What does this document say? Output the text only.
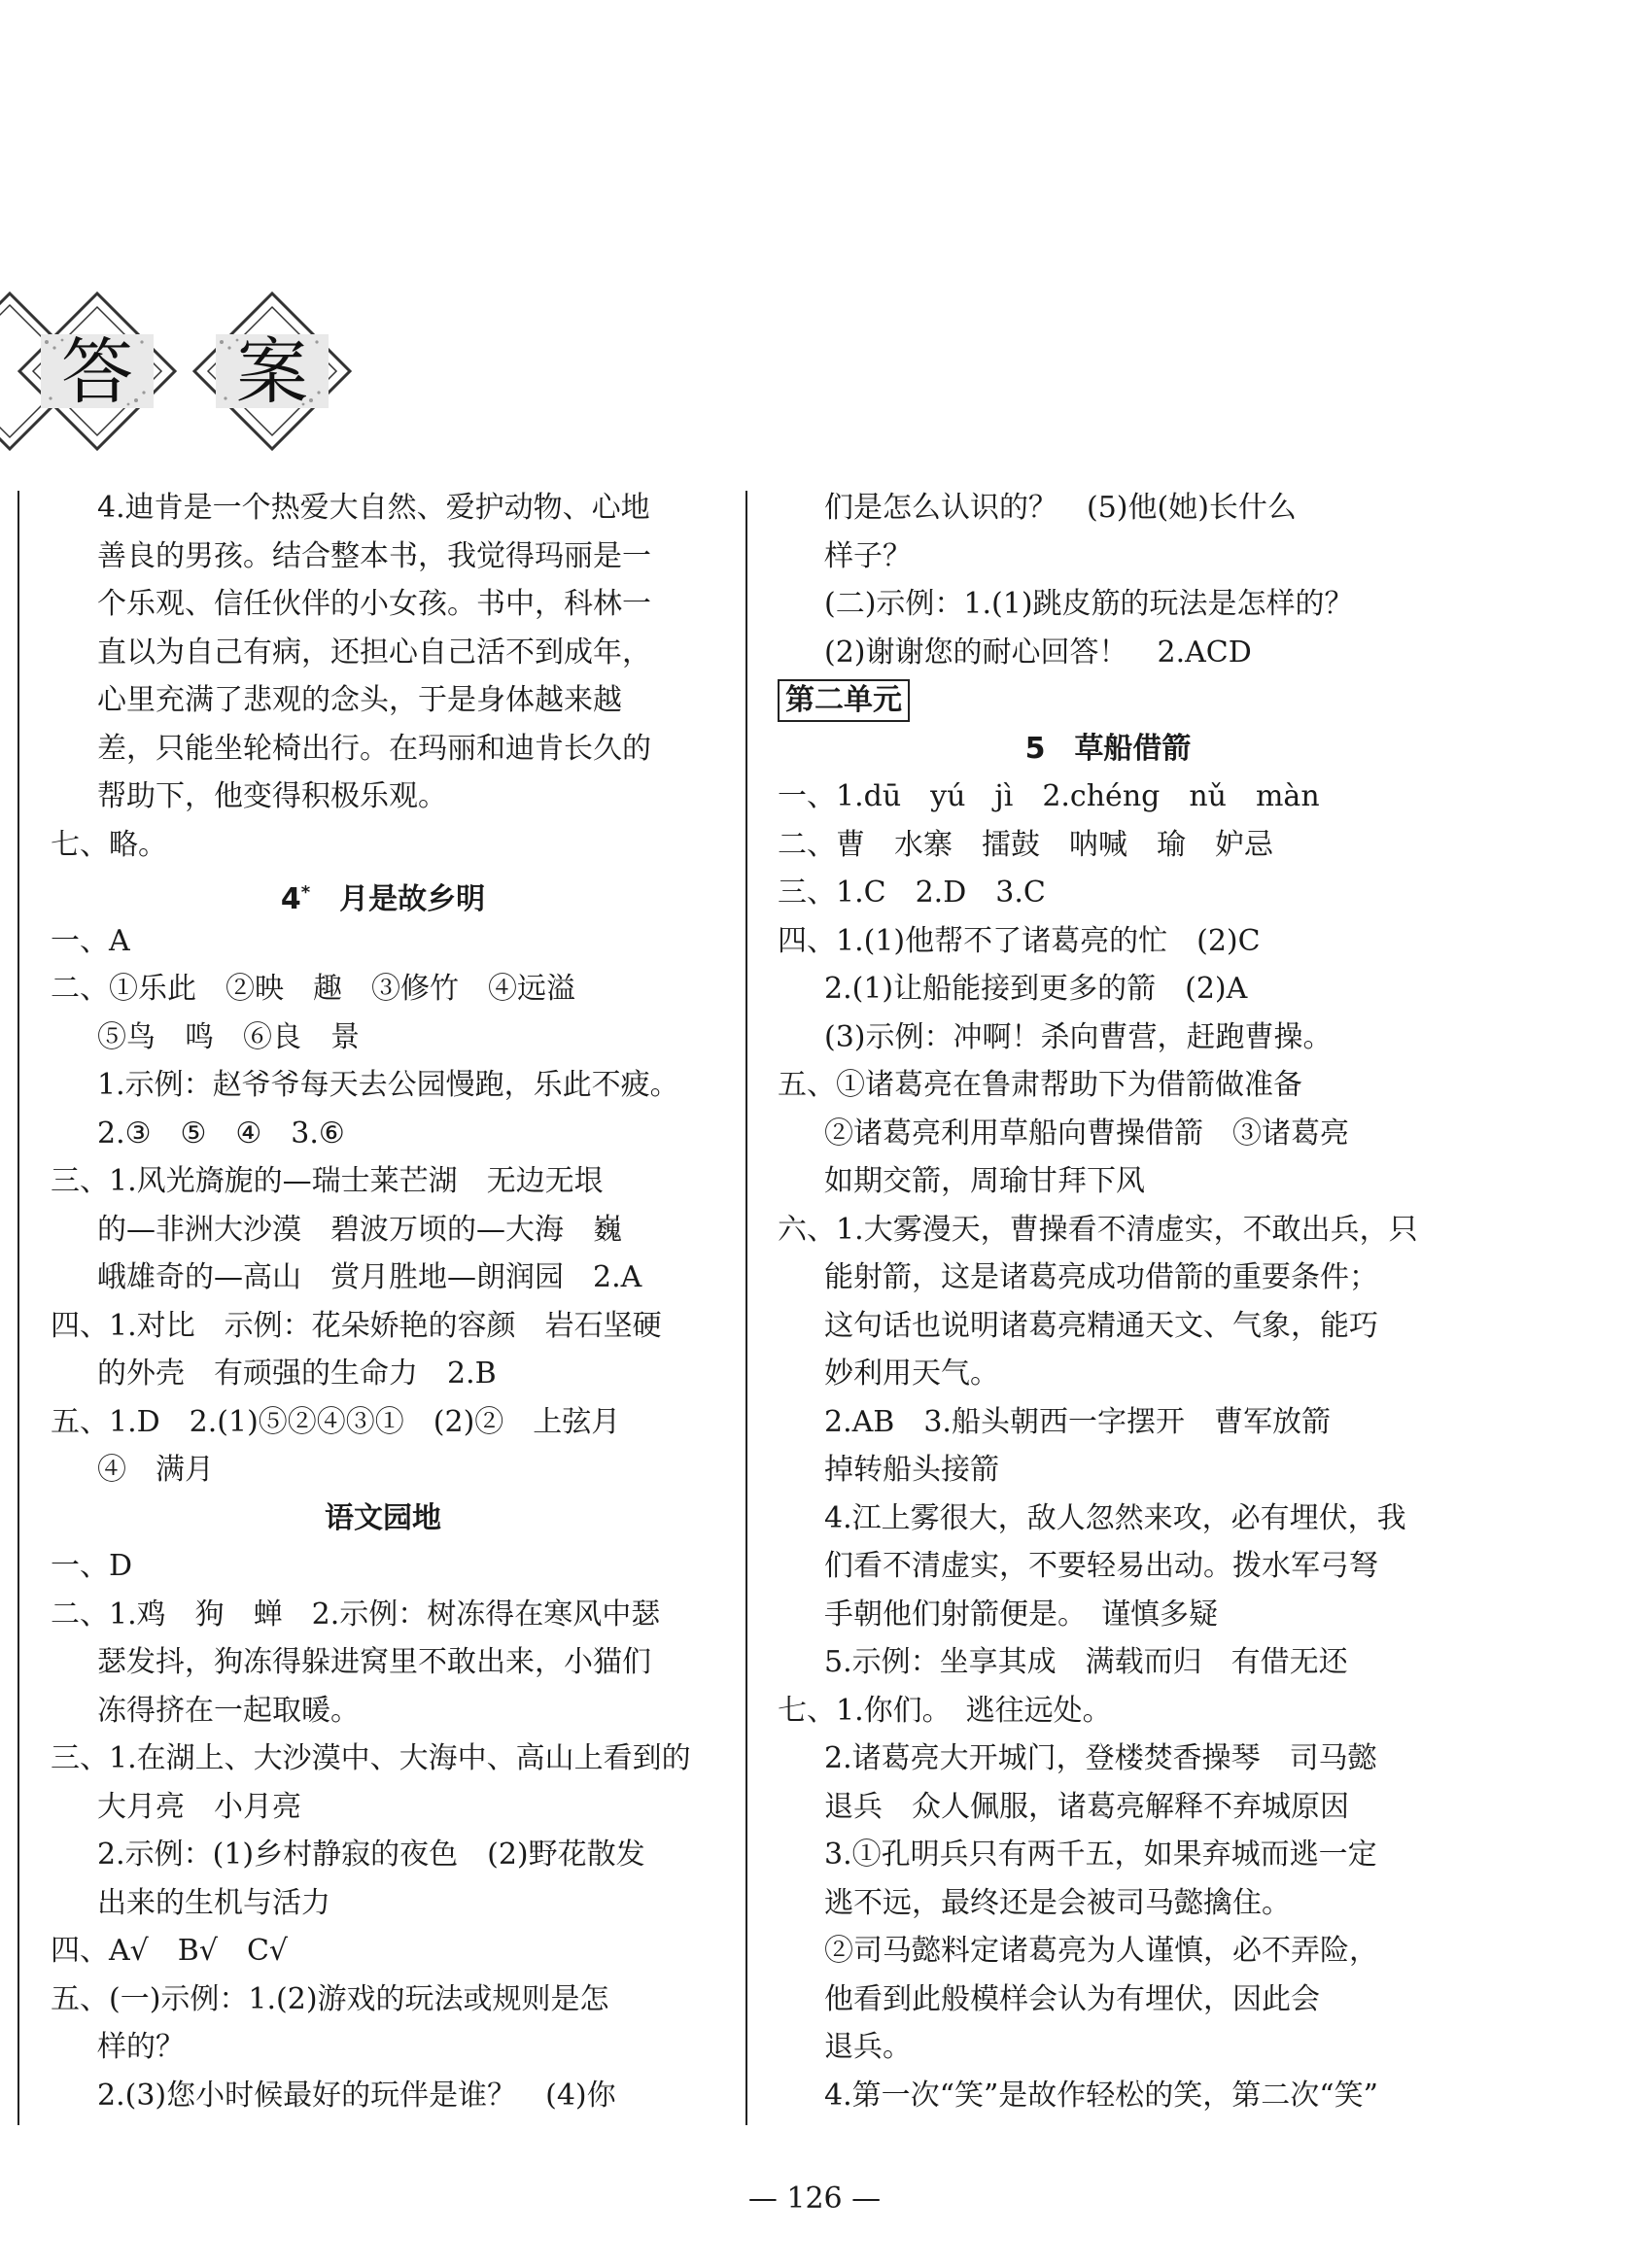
答 案
4.迪肯是一个热爱大自然、爱护动物、心地
善良的男孩。结合整本书，我觉得玛丽是一
个乐观、信任伙伴的小女孩。书中，科林一
直以为自己有病，还担心自己活不到成年，
心里充满了悲观的念头，于是身体越来越
差，只能坐轮椅出行。在玛丽和迪肯长久的
帮助下，他变得积极乐观。
七、略。
4*  月是故乡明
一、A
二、①乐此　②映　趣　③修竹　④远溢
⑤鸟　鸣　⑥良　景
1.示例：赵爷爷每天去公园慢跑，乐此不疲。
2.③　⑤　④　3.⑥
三、1.风光旖旎的—瑞士莱芒湖　无边无垠
的—非洲大沙漠　碧波万顷的—大海　巍
峨雄奇的—高山　赏月胜地—朗润园　2.A
四、1.对比　示例：花朵娇艳的容颜　岩石坚硬
的外壳　有顽强的生命力　2.B
五、1.D　2.(1)⑤②④③①　(2)②　上弦月
④　满月
语文园地
一、D
二、1.鸡　狗　蝉　2.示例：树冻得在寒风中瑟
瑟发抖，狗冻得躲进窝里不敢出来，小猫们
冻得挤在一起取暖。
三、1.在湖上、大沙漠中、大海中、高山上看到的
大月亮　小月亮
2.示例：(1)乡村静寂的夜色　(2)野花散发
出来的生机与活力
四、A√　B√　C√
五、(一)示例：1.(2)游戏的玩法或规则是怎
样的？
2.(3)您小时候最好的玩伴是谁？　(4)你
们是怎么认识的？　(5)他(她)长什么
样子？
(二)示例：1.(1)跳皮筋的玩法是怎样的？
(2)谢谢您的耐心回答！　2.ACD
第二单元
5  草船借箭
一、1.dū　yú　jì　2.chéng　nǔ　màn
二、曹　水寨　擂鼓　呐喊　瑜　妒忌
三、1.C　2.D　3.C
四、1.(1)他帮不了诸葛亮的忙　(2)C
2.(1)让船能接到更多的箭　(2)A
(3)示例：冲啊！杀向曹营，赶跑曹操。
五、①诸葛亮在鲁肃帮助下为借箭做准备
②诸葛亮利用草船向曹操借箭　③诸葛亮
如期交箭，周瑜甘拜下风
六、1.大雾漫天，曹操看不清虚实，不敢出兵，只
能射箭，这是诸葛亮成功借箭的重要条件；
这句话也说明诸葛亮精通天文、气象，能巧
妙利用天气。
2.AB　3.船头朝西一字摆开　曹军放箭
掉转船头接箭
4.江上雾很大，敌人忽然来攻，必有埋伏，我
们看不清虚实，不要轻易出动。拨水军弓弩
手朝他们射箭便是。　谨慎多疑
5.示例：坐享其成　满载而归　有借无还
七、1.你们。　逃往远处。
2.诸葛亮大开城门，登楼焚香操琴　司马懿
退兵　众人佩服，诸葛亮解释不弃城原因
3.①孔明兵只有两千五，如果弃城而逃一定
逃不远，最终还是会被司马懿擒住。
②司马懿料定诸葛亮为人谨慎，必不弄险，
他看到此般模样会认为有埋伏，因此会
退兵。
4.第一次“笑”是故作轻松的笑，第二次“笑”
— 126 —
